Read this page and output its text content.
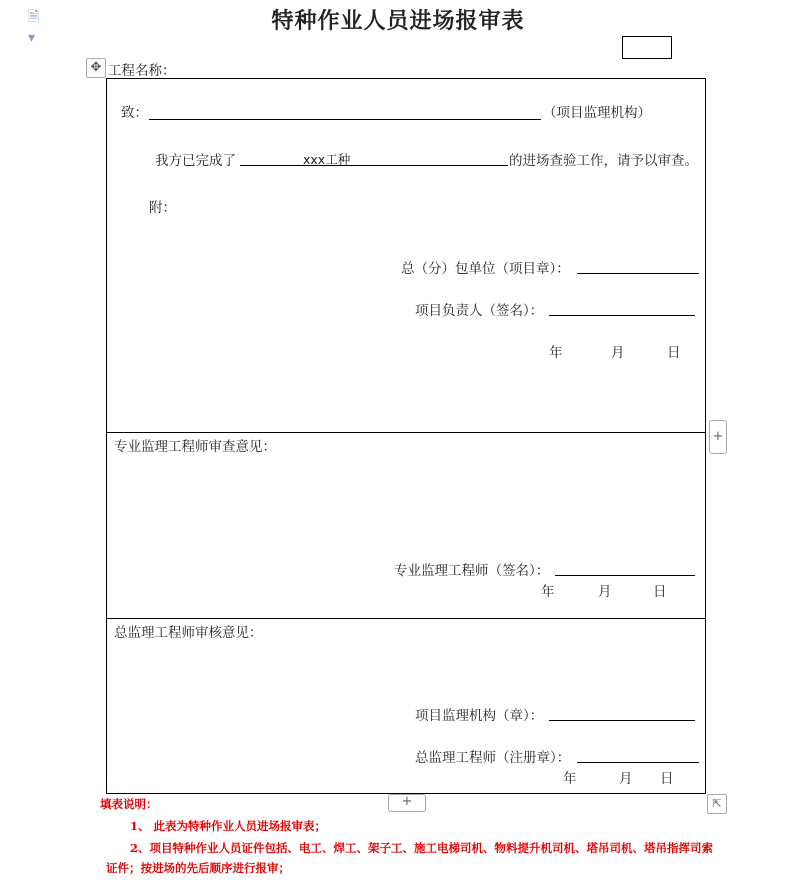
🗎▾
特种作业人员进场报审表
✥ 工程名称：
致：	（项目监理机构）
我方已完成了	xxx工种	的进场查验工作，请予以审查。
附：
总（分）包单位（项目章）：
项目负责人（签名）：
年	月	日
专业监理工程师审查意见：
专业监理工程师（签名）：
年	月	日
总监理工程师审核意见：
项目监理机构（章）：
总监理工程师（注册章）：
年	月 日
+
+	⇱
填表说明：
1、 此表为特种作业人员进场报审表；
2、项目特种作业人员证件包括、电工、焊工、架子工、施工电梯司机、物料提升机司机、塔吊司机、塔吊指挥司索
证件；按进场的先后顺序进行报审；
